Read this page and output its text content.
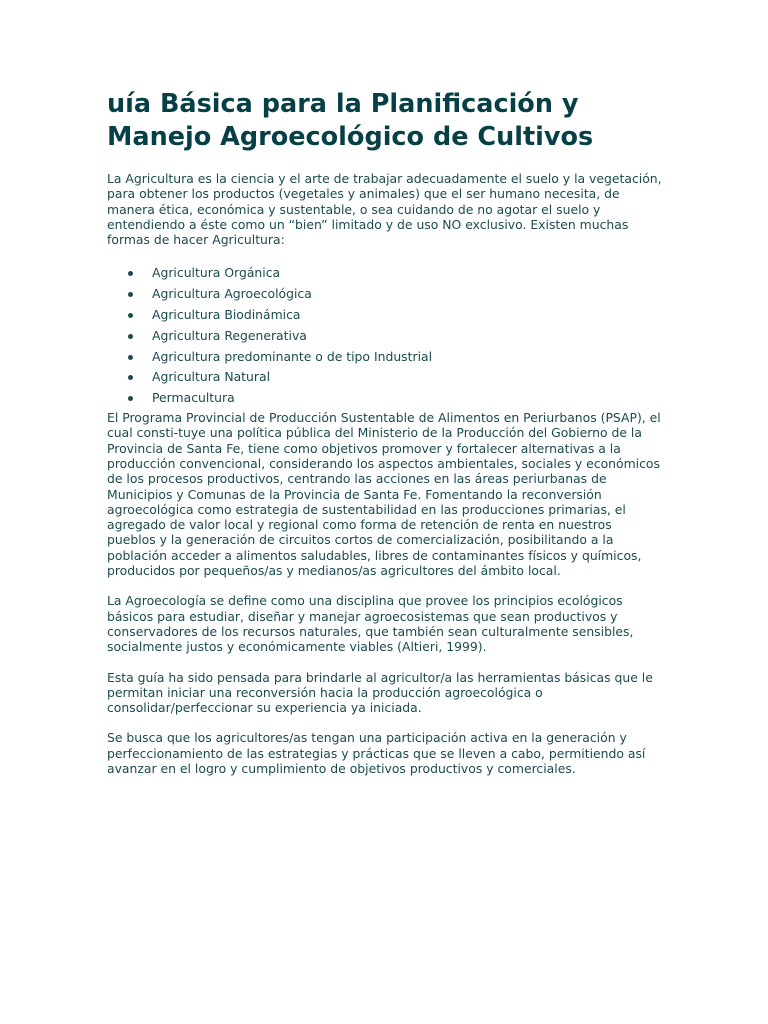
uía Básica para la Planificación y Manejo Agroecológico de Cultivos

La Agricultura es la ciencia y el arte de trabajar adecuadamente el suelo y la vegetación, para obtener los productos (vegetales y animales) que el ser humano necesita, de manera ética, económica y sustentable, o sea cuidando de no agotar el suelo y entendiendo a éste como un “bien” limitado y de uso NO exclusivo. Existen muchas formas de hacer Agricultura:

Agricultura Orgánica
Agricultura Agroecológica
Agricultura Biodinámica
Agricultura Regenerativa
Agricultura predominante o de tipo Industrial
Agricultura Natural
Permacultura

El Programa Provincial de Producción Sustentable de Alimentos en Periurbanos (PSAP), el cual consti-tuye una política pública del Ministerio de la Producción del Gobierno de la Provincia de Santa Fe, tiene como objetivos promover y fortalecer alternativas a la producción convencional, considerando los aspectos ambientales, sociales y económicos de los procesos productivos, centrando las acciones en las áreas periurbanas de Municipios y Comunas de la Provincia de Santa Fe. Fomentando la reconversión agroecológica como estrategia de sustentabilidad en las producciones primarias, el agregado de valor local y regional como forma de retención de renta en nuestros pueblos y la generación de circuitos cortos de comercialización, posibilitando a la población acceder a alimentos saludables, libres de contaminantes físicos y químicos, producidos por pequeños/as y medianos/as agricultores del ámbito local.

La Agroecología se define como una disciplina que provee los principios ecológicos básicos para estudiar, diseñar y manejar agroecosistemas que sean productivos y conservadores de los recursos naturales, que también sean culturalmente sensibles, socialmente justos y económicamente viables (Altieri, 1999).

Esta guía ha sido pensada para brindarle al agricultor/a las herramientas básicas que le permitan iniciar una reconversión hacia la producción agroecológica o consolidar/perfeccionar su experiencia ya iniciada.

Se busca que los agricultores/as tengan una participación activa en la generación y perfeccionamiento de las estrategias y prácticas que se lleven a cabo, permitiendo así avanzar en el logro y cumplimiento de objetivos productivos y comerciales.
